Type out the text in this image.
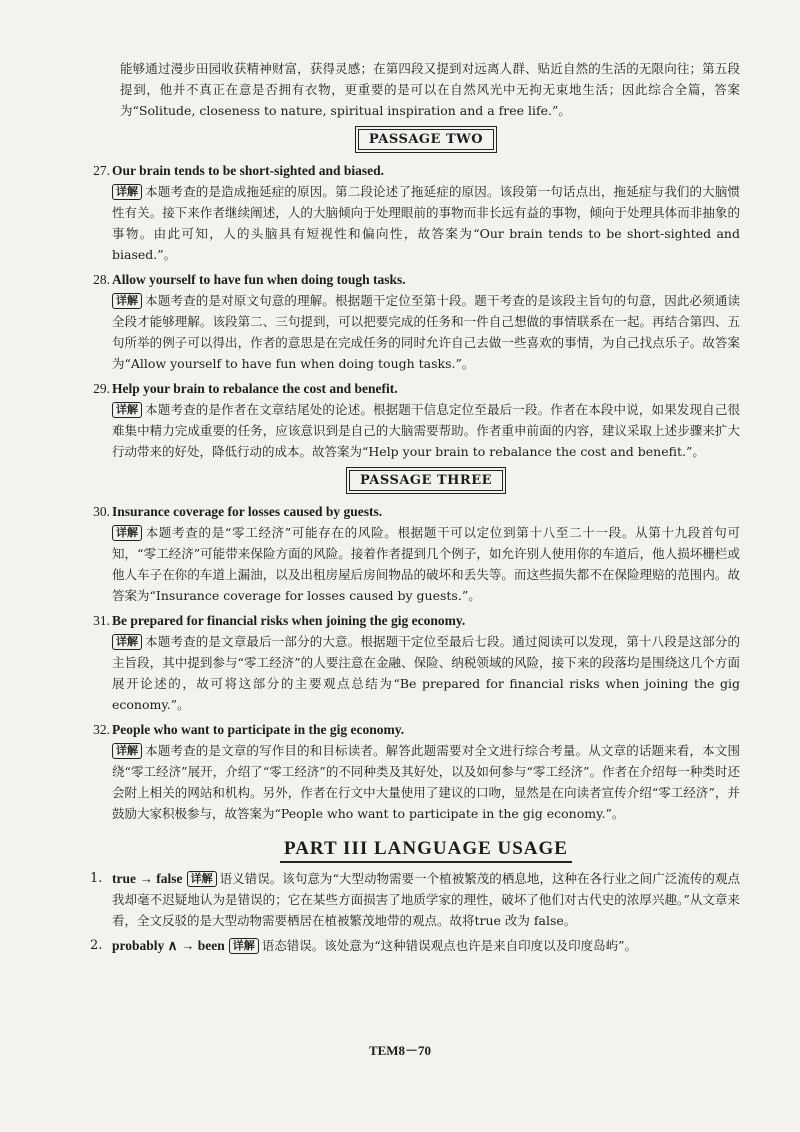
能够通过漫步田园收获精神财富，获得灵感；在第四段又提到对远离人群、贴近自然的生活的无限向往；第五段提到，他并不真正在意是否拥有衣物，更重要的是可以在自然风光中无拘无束地生活；因此综合全篇，答案为“Solitude, closeness to nature, spiritual inspiration and a free life.”。

PASSAGE TWO

27. Our brain tends to be short-sighted and biased.

详解 本题考查的是造成拖延症的原因。第二段论述了拖延症的原因。该段第一句话点出，拖延症与我们的大脑惯性有关。接下来作者继续阐述，人的大脑倾向于处理眼前的事物而非长远有益的事物，倾向于处理具体而非抽象的事物。由此可知，人的头脑具有短视性和偏向性，故答案为“Our brain tends to be short-sighted and biased.”。

28. Allow yourself to have fun when doing tough tasks.

详解 本题考查的是对原文句意的理解。根据题干定位至第十段。题干考查的是该段主旨句的句意，因此必须通读全段才能够理解。该段第二、三句提到，可以把要完成的任务和一件自己想做的事情联系在一起。再结合第四、五句所举的例子可以得出，作者的意思是在完成任务的同时允许自己去做一些喜欢的事情，为自己找点乐子。故答案为“Allow yourself to have fun when doing tough tasks.”。

29. Help your brain to rebalance the cost and benefit.

详解 本题考查的是作者在文章结尾处的论述。根据题干信息定位至最后一段。作者在本段中说，如果发现自己很难集中精力完成重要的任务，应该意识到是自己的大脑需要帮助。作者重申前面的内容，建议采取上述步骤来扩大行动带来的好处，降低行动的成本。故答案为“Help your brain to rebalance the cost and benefit.”。

PASSAGE THREE

30. Insurance coverage for losses caused by guests.

详解 本题考查的是“零工经济”可能存在的风险。根据题干可以定位到第十八至二十一段。从第十九段首句可知，“零工经济”可能带来保险方面的风险。接着作者提到几个例子，如允许别人使用你的车道后，他人损坏栅栏或他人车子在你的车道上漏油，以及出租房屋后房间物品的破坏和丢失等。而这些损失都不在保险理赔的范围内。故答案为“Insurance coverage for losses caused by guests.”。

31. Be prepared for financial risks when joining the gig economy.

详解 本题考查的是文章最后一部分的大意。根据题干定位至最后七段。通过阅读可以发现，第十八段是这部分的主旨段，其中提到参与“零工经济”的人要注意在金融、保险、纳税领域的风险，接下来的段落均是围绕这几个方面展开论述的，故可将这部分的主要观点总结为“Be prepared for financial risks when joining the gig economy.”。

32. People who want to participate in the gig economy.

详解 本题考查的是文章的写作目的和目标读者。解答此题需要对全文进行综合考量。从文章的话题来看，本文围绕“零工经济”展开，介绍了“零工经济”的不同种类及其好处，以及如何参与“零工经济”。作者在介绍每一种类时还会附上相关的网站和机构。另外，作者在行文中大量使用了建议的口吻，显然是在向读者宣传介绍“零工经济”，并鼓励大家积极参与，故答案为“People who want to participate in the gig economy.”。

PART III LANGUAGE USAGE

1. true → false 详解 语义错误。该句意为“大型动物需要一个植被繁茂的栖息地，这种在各行业之间广泛流传的观点我却毫不迟疑地认为是错误的；它在某些方面损害了地质学家的理性，破坏了他们对古代史的浓厚兴趣。”从文章来看，全文反驳的是大型动物需要栖居在植被繁茂地带的观点。故将true 改为 false。

2. probably ∧ → been 详解 语态错误。该处意为“这种错误观点也许是来自印度以及印度岛屿”。

TEM8－70
